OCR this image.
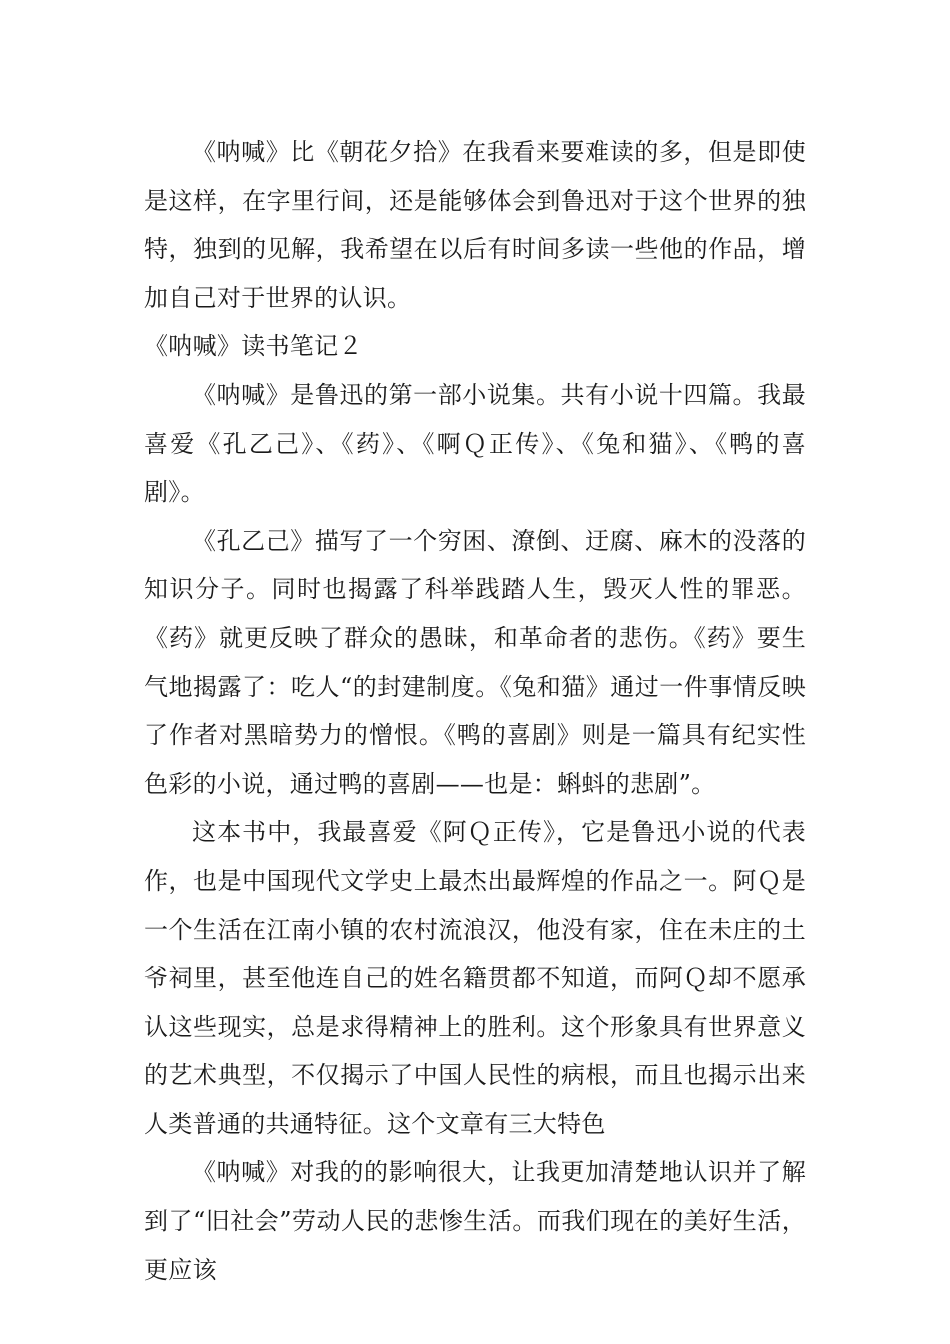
《呐喊》比《朝花夕拾》在我看来要难读的多，但是即使是这样，在字里行间，还是能够体会到鲁迅对于这个世界的独特，独到的见解，我希望在以后有时间多读一些他的作品，增加自己对于世界的认识。

《呐喊》读书笔记２

《呐喊》是鲁迅的第一部小说集。共有小说十四篇。我最喜爱《孔乙己》、《药》、《啊Ｑ正传》、《兔和猫》、《鸭的喜剧》。

《孔乙己》描写了一个穷困、潦倒、迂腐、麻木的没落的知识分子。同时也揭露了科举践踏人生，毁灭人性的罪恶。《药》就更反映了群众的愚昧，和革命者的悲伤。《药》要生气地揭露了：吃人“的封建制度。《兔和猫》通过一件事情反映了作者对黑暗势力的憎恨。《鸭的喜剧》则是一篇具有纪实性色彩的小说，通过鸭的喜剧——也是：蝌蚪的悲剧”。

这本书中，我最喜爱《阿Ｑ正传》，它是鲁迅小说的代表作，也是中国现代文学史上最杰出最辉煌的作品之一。阿Ｑ是一个生活在江南小镇的农村流浪汉，他没有家，住在未庄的土爷祠里，甚至他连自己的姓名籍贯都不知道，而阿Ｑ却不愿承认这些现实，总是求得精神上的胜利。这个形象具有世界意义的艺术典型，不仅揭示了中国人民性的病根，而且也揭示出来人类普通的共通特征。这个文章有三大特色

《呐喊》对我的的影响很大，让我更加清楚地认识并了解到了“旧社会”劳动人民的悲惨生活。而我们现在的美好生活，更应该
